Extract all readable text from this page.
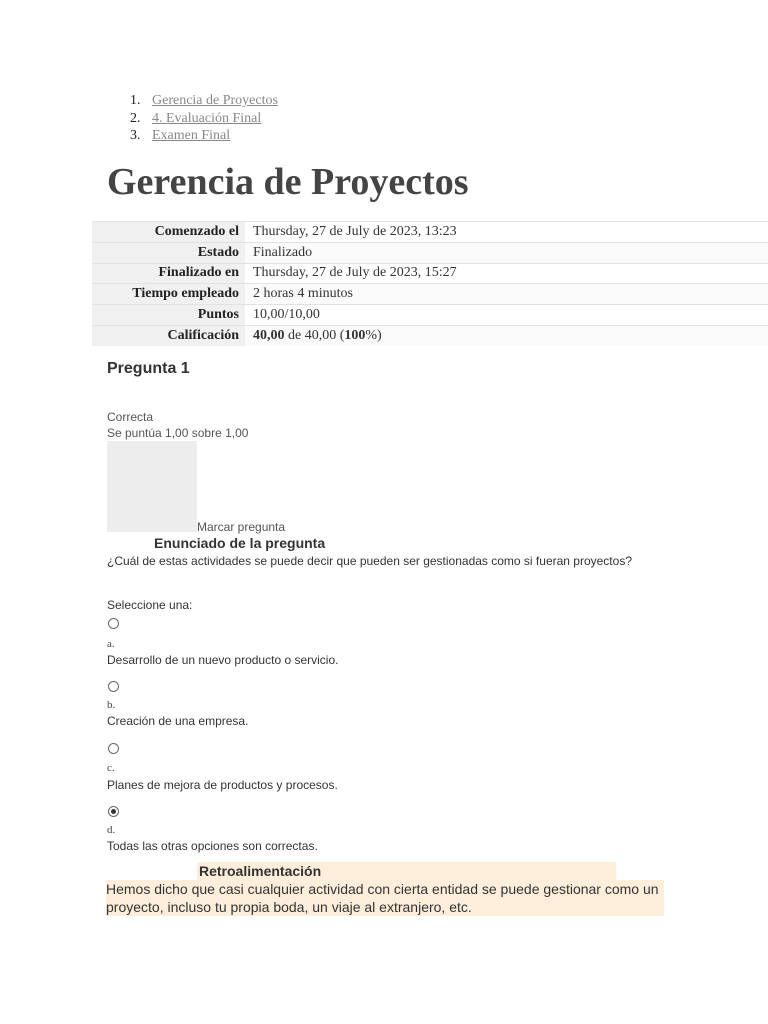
1. Gerencia de Proyectos
2. 4. Evaluación Final
3. Examen Final
Gerencia de Proyectos
Comenzado el	Thursday, 27 de July de 2023, 13:23
Estado	Finalizado
Finalizado en	Thursday, 27 de July de 2023, 15:27
Tiempo empleado	2 horas 4 minutos
Puntos	10,00/10,00
Calificación	40,00 de 40,00 (100%)
Pregunta 1
Correcta
Se puntúa 1,00 sobre 1,00
Marcar pregunta
Enunciado de la pregunta
¿Cuál de estas actividades se puede decir que pueden ser gestionadas como si fueran proyectos?
Seleccione una:
a.
Desarrollo de un nuevo producto o servicio.
b.
Creación de una empresa.
c.
Planes de mejora de productos y procesos.
d.
Todas las otras opciones son correctas.
Retroalimentación
Hemos dicho que casi cualquier actividad con cierta entidad se puede gestionar como un proyecto, incluso tu propia boda, un viaje al extranjero, etc.
